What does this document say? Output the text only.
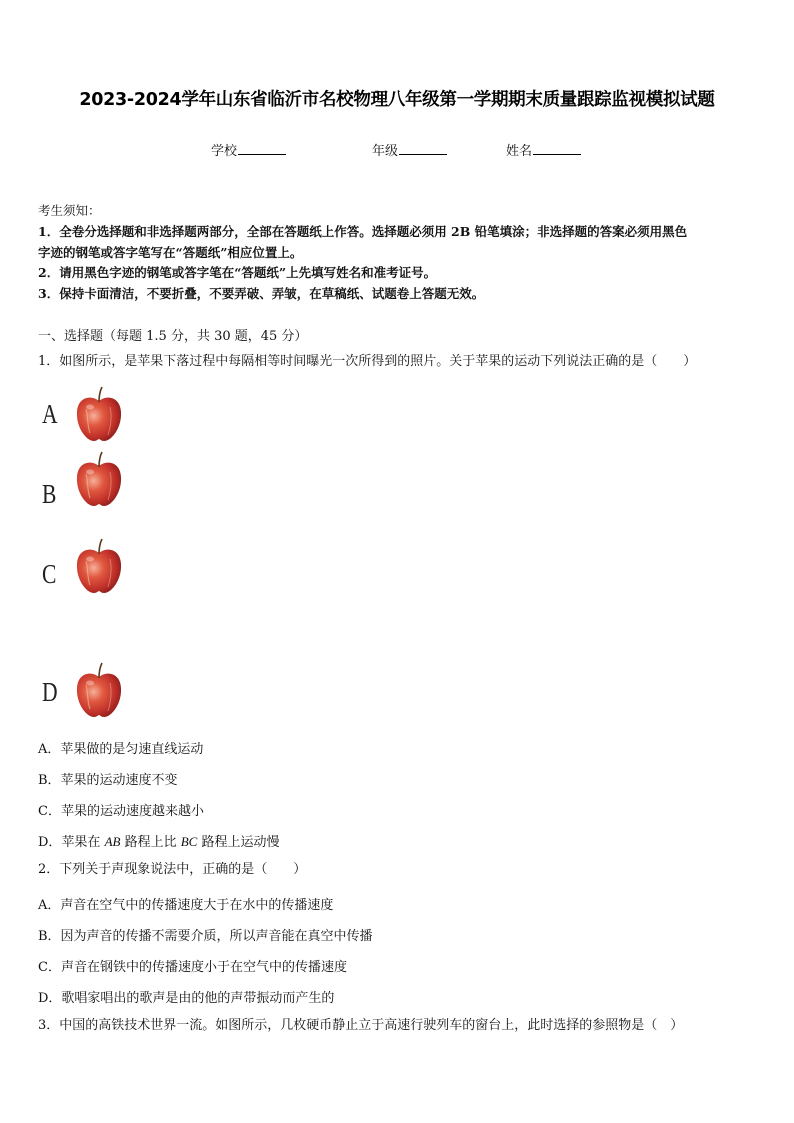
2023-2024学年山东省临沂市名校物理八年级第一学期期末质量跟踪监视模拟试题
学校	年级	姓名
考生须知：
1．全卷分选择题和非选择题两部分，全部在答题纸上作答。选择题必须用 2B 铅笔填涂；非选择题的答案必须用黑色
字迹的钢笔或答字笔写在“答题纸”相应位置上。
2．请用黑色字迹的钢笔或答字笔在“答题纸”上先填写姓名和准考证号。
3．保持卡面清洁，不要折叠，不要弄破、弄皱，在草稿纸、试题卷上答题无效。
一、选择题（每题 1.5 分，共 30 题，45 分）
1．如图所示，是苹果下落过程中每隔相等时间曝光一次所得到的照片。关于苹果的运动下列说法正确的是（　　）
A
B
C
D
A．苹果做的是匀速直线运动
B．苹果的运动速度不变
C．苹果的运动速度越来越小
D．苹果在 AB 路程上比 BC 路程上运动慢
2．下列关于声现象说法中，正确的是（　　）
A．声音在空气中的传播速度大于在水中的传播速度
B．因为声音的传播不需要介质，所以声音能在真空中传播
C．声音在钢铁中的传播速度小于在空气中的传播速度
D．歌唱家唱出的歌声是由的他的声带振动而产生的
3．中国的高铁技术世界一流。如图所示，几枚硬币静止立于高速行驶列车的窗台上，此时选择的参照物是（　）
